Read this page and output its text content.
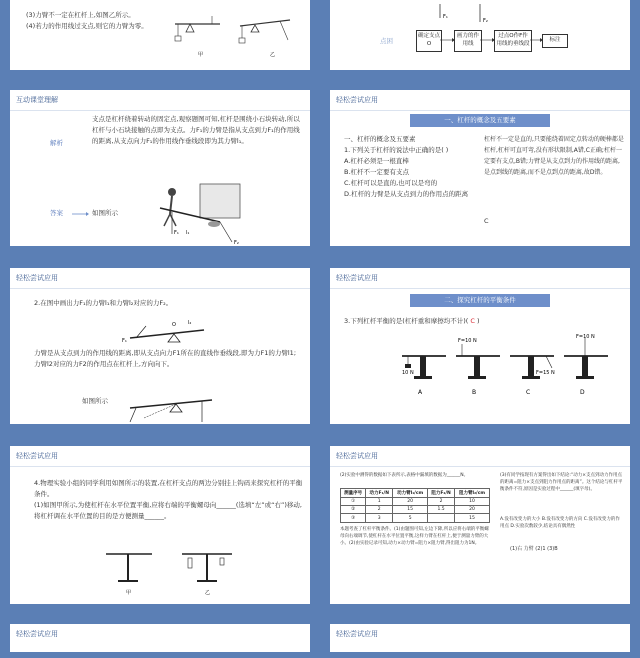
(3)力臂不一定在杠杆上,如图乙所示。
(4)若力的作用线过支点,则它的力臂为零。
甲	乙
F₁
F₂
点困
确定支点O
画力的作用线
过点O作F作用线的垂线段
标注
互动课堂理解
解析
支点是杠杆绕着转动的固定点,观察题图可知,杠杆是围绕小石块转动,所以杠杆与小石块接触的点即为支点。力F₁的力臂是指从支点到力F₁的作用线的距离,从支点向力F₁的作用线作垂线段即为其力臂l₁。
答案	如图所示
F₁ l₁
F₂
轻松尝试应用
一、杠杆的概念及五要素
一、杠杆的概念及五要素
1.下列关于杠杆的说法中正确的是( )
A.杠杆必须是一根直棒
B.杠杆不一定要有支点
C.杠杆可以是直的,也可以是弯的
D.杠杆的力臂是从支点到力的作用点的距离
杠杆不一定是直的,只要能绕着固定点转动的硬棒都是杠杆,杠杆可直可弯,没有形状限制,A错,C正确;杠杆一定要有支点,B错;力臂是从支点到力的作用线的距离,是点到线的距离,而不是点到点的距离,故D错。
C
轻松尝试应用
2.在图中画出力F₁的力臂l₁和力臂l₂对应的力F₂。
O
F₁
l₂
力臂是从支点到力的作用线的距离,即从支点向力F1所在的直线作垂线段,即为力F1的力臂l1;力臂l2对应的力F2的作用点在杠杆上,方向向下。
如图所示
轻松尝试应用
二、探究杠杆的平衡条件
3.下列杠杆平衡的是(杠杆重和摩擦均不计)( C )
10 N
A
F=10 N
B
F=15 N
C
F=10 N
D
轻松尝试应用
4.物理实验小组的同学利用如图所示的装置,在杠杆支点的两边分别挂上钩码来探究杠杆的平衡条件。
(1)如图甲所示,为使杠杆在水平位置平衡,应将右端的平衡螺母向______(选填“左”或“右”)移动,将杠杆调在水平位置的目的是方便测量______。
甲	乙
轻松尝试应用
(2)实验中测得的数据如下表所示,表格中漏填的数据为______N。
测量序号	动力F₁/N	动力臂l₁/cm	阻力F₂/N	阻力臂l₂/cm
①	1	20	2	10
②	2	15	1.5	20
③	3	5		15
本题考查了杠杆平衡条件。(1)由题图可知,左边下降,所以应将右端的平衡螺母向右端调节,使杠杆在水平位置平衡,这样力臂在杠杆上,便于测量力臂的大小。(2)由实验记录可知,动力×动力臂=阻力×阻力臂,得出阻力为1N。
(3)有同学按现有方案得出如下结论:“动力×支点到动力作用点的距离=阻力×支点到阻力作用点的距离”。这个结论与杠杆平衡条件不符,原因是实验过程中______(填字母)。
A.没有改变力的大小 B.没有改变力的方向 C.没有改变力的作用点 D.实验次数较少,结论具有偶然性
(1)右 力臂 (2)1 (3)B
轻松尝试应用	轻松尝试应用
